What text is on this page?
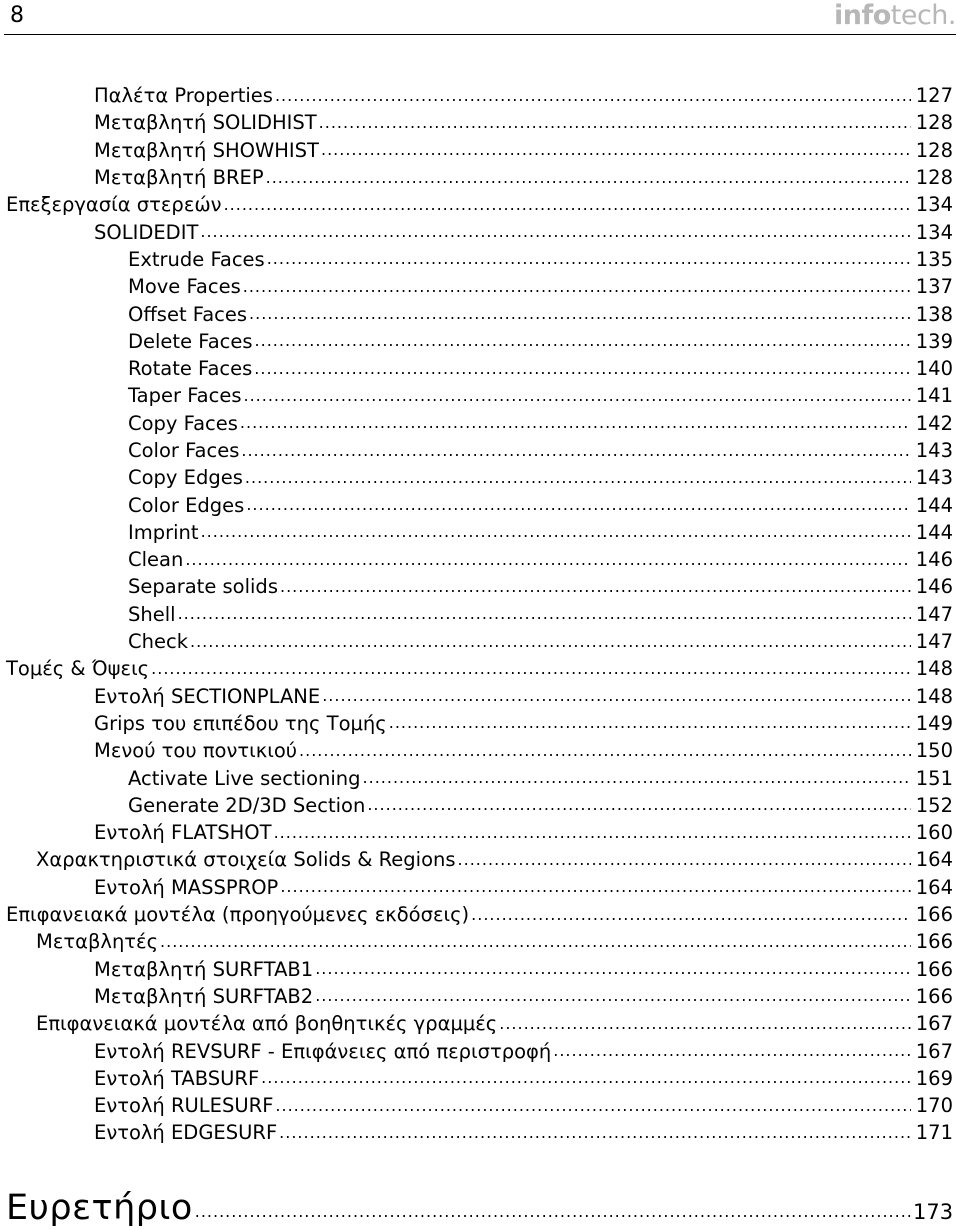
8	infotech.
Παλέτα Properties .....	127
Μεταβλητή SOLIDHIST .....	128
Μεταβλητή SHOWHIST .....	128
Μεταβλητή BREP .....	128
Επεξεργασία στερεών .....	134
SOLIDEDIT .....	134
Extrude Faces .....	135
Move Faces .....	137
Offset Faces .....	138
Delete Faces .....	139
Rotate Faces .....	140
Taper Faces .....	141
Copy Faces .....	142
Color Faces .....	143
Copy Edges .....	143
Color Edges .....	144
Imprint .....	144
Clean .....	146
Separate solids .....	146
Shell .....	147
Check .....	147
Τομές & Όψεις .....	148
Εντολή SECTIONPLANE .....	148
Grips του επιπέδου της Τομής .....	149
Μενού του ποντικιού .....	150
Activate Live sectioning .....	151
Generate 2D/3D Section .....	152
Εντολή FLATSHOT .....	160
Χαρακτηριστικά στοιχεία Solids & Regions .....	164
Εντολή MASSPROP .....	164
Επιφανειακά μοντέλα (προηγούμενες εκδόσεις) .....	166
Μεταβλητές .....	166
Μεταβλητή SURFTAB1 .....	166
Μεταβλητή SURFTAB2 .....	166
Επιφανειακά μοντέλα από βοηθητικές γραμμές .....	167
Εντολή REVSURF - Επιφάνειες από περιστροφή .....	167
Εντολή TABSURF .....	169
Εντολή RULESURF .....	170
Εντολή EDGESURF .....	171
Ευρετήριο .....	173
